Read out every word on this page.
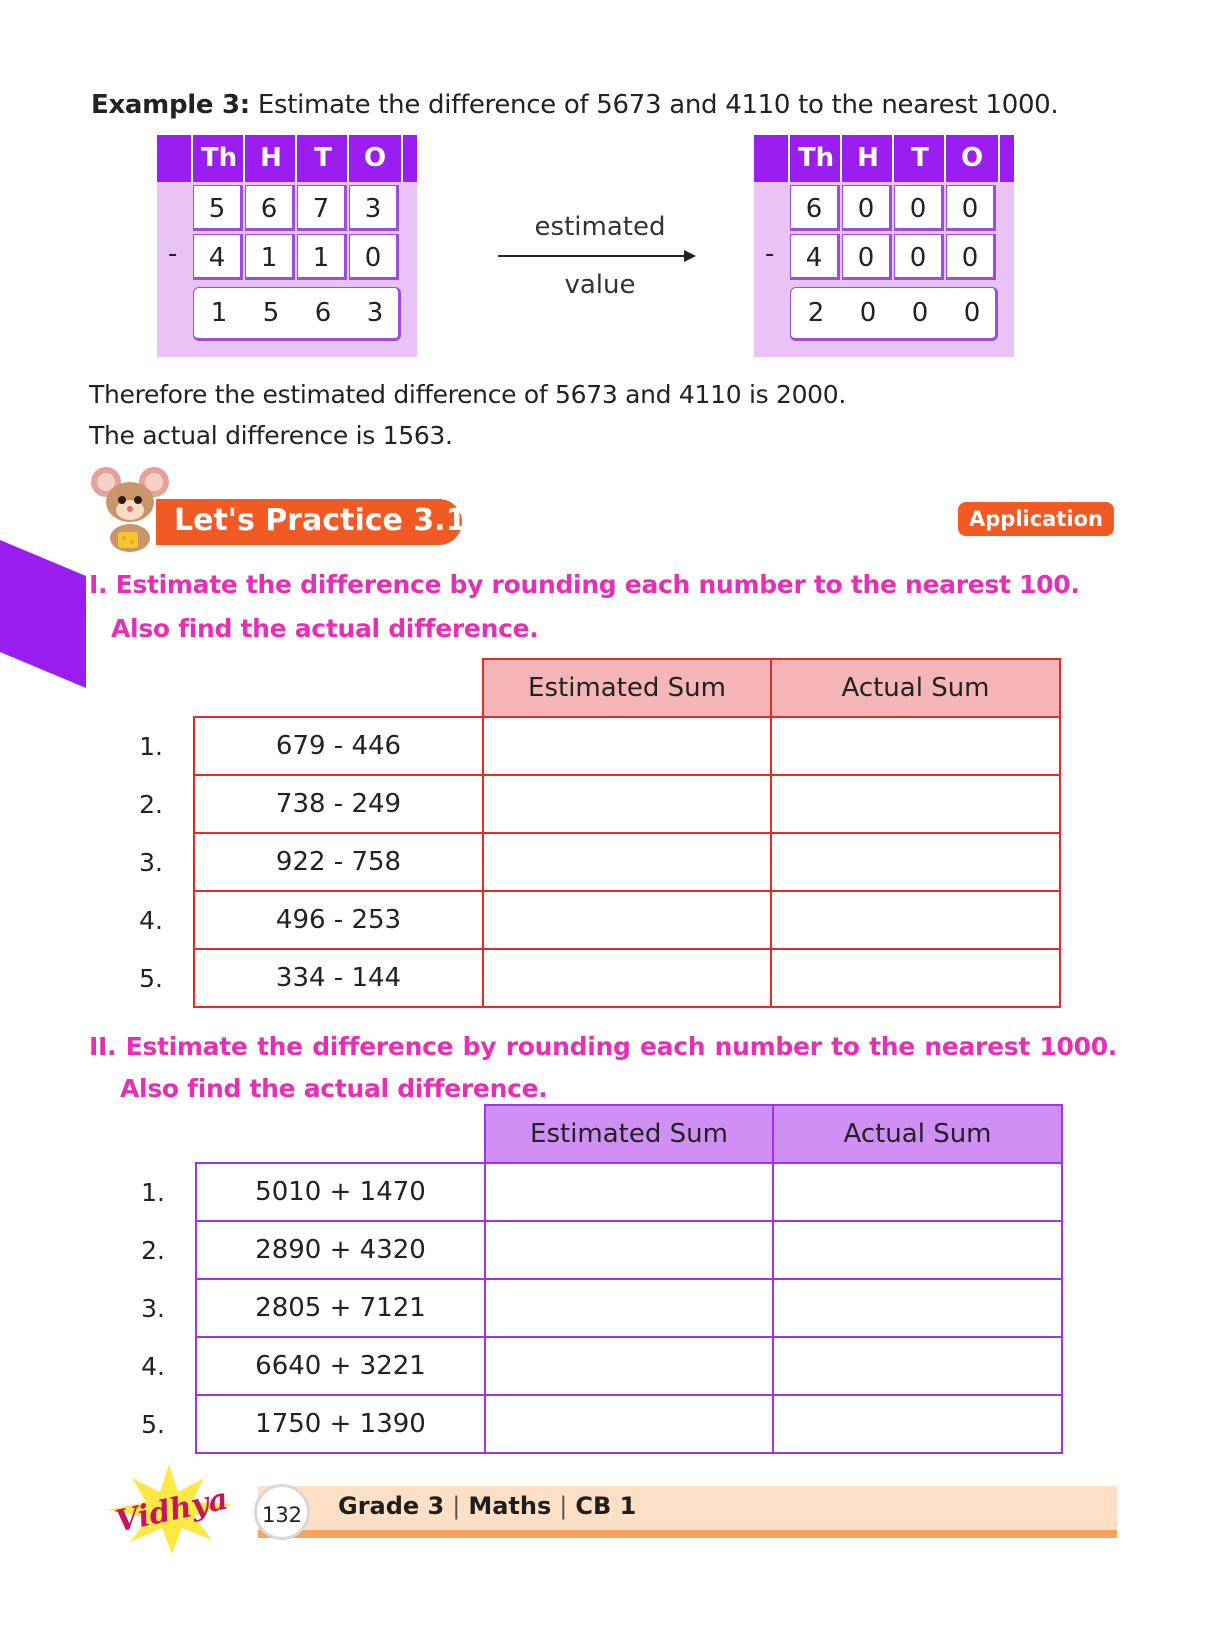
Example 3: Estimate the difference of 5673 and 4110 to the nearest 1000.
Th H	T	O
5	6	7	3
-	4	1	1	0
1	5	6	3
estimated
value
Th H	T	O
6	0	0	0
-	4	0	0	0
2	0	0	0
Therefore the estimated difference of 5673 and 4110 is 2000.
The actual difference is 1563.
Let's Practice 3.12	Application
I. Estimate the difference by rounding each number to the nearest 100.
Also find the actual difference.
		Estimated Sum	Actual Sum
1.	679 - 446		
2.	738 - 249		
3.	922 - 758		
4.	496 - 253		
5.	334 - 144		
II. Estimate the difference by rounding each number to the nearest 1000.
Also find the actual difference.
		Estimated Sum	Actual Sum
1.	5010 + 1470		
2.	2890 + 4320		
3.	2805 + 7121		
4.	6640 + 3221		
5.	1750 + 1390		
Vidhya	132	Grade 3 | Maths | CB 1
